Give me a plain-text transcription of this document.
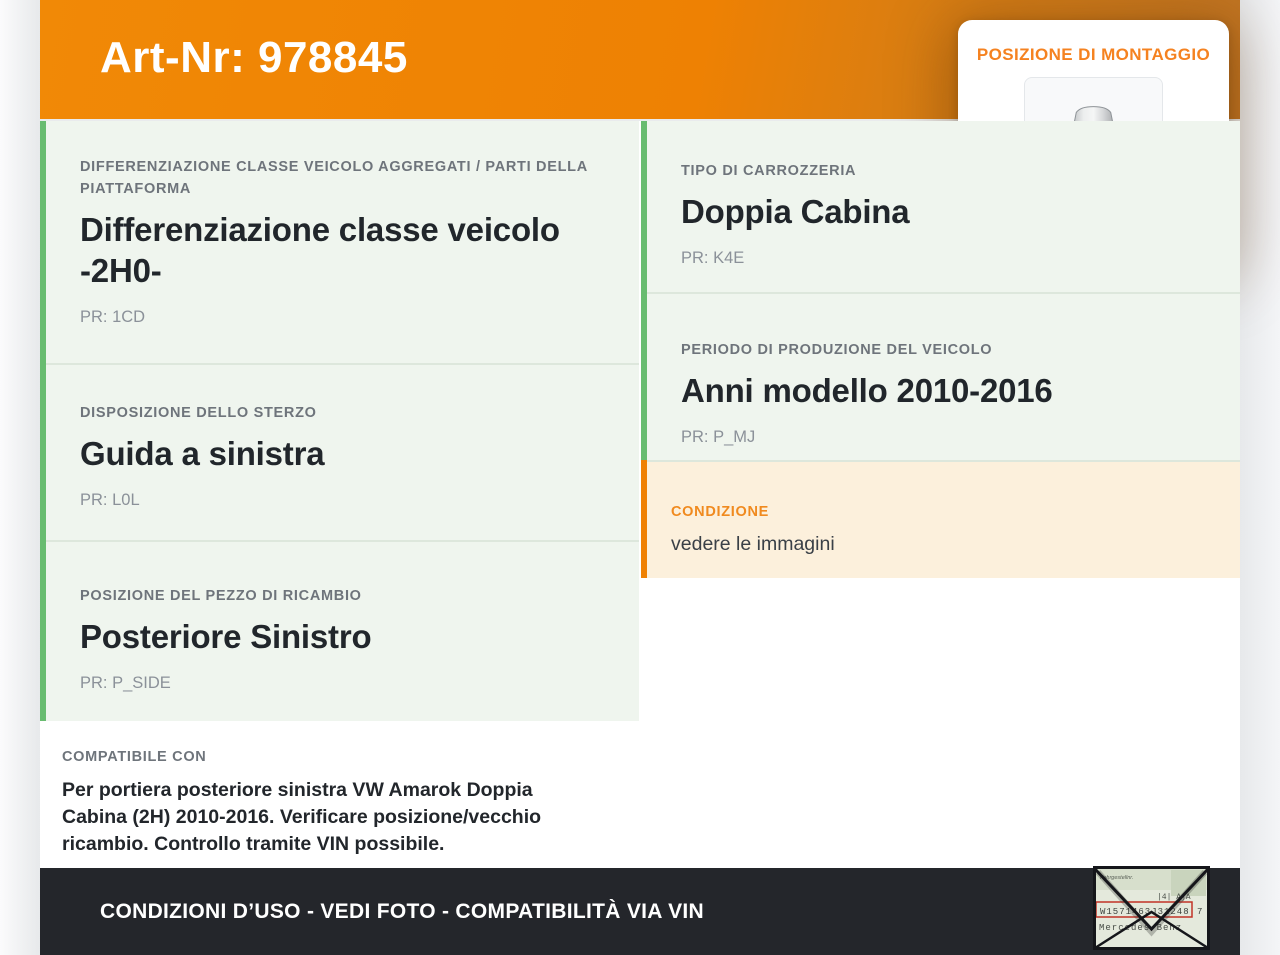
Art-Nr: 978845	POSIZIONE DI MONTAGGIO
DIFFERENZIAZIONE CLASSE VEICOLO AGGREGATI / PARTI DELLA PIATTAFORMA
Differenziazione classe veicolo -2H0-
PR: 1CD
DISPOSIZIONE DELLO STERZO
Guida a sinistra
PR: L0L
POSIZIONE DEL PEZZO DI RICAMBIO
Posteriore Sinistro
PR: P_SIDE
COMPATIBILE CON
Per portiera posteriore sinistra VW Amarok Doppia Cabina (2H) 2010-2016. Verificare posizione/vecchio ricambio. Controllo tramite VIN possibile.
TIPO DI CARROZZERIA
Doppia Cabina
PR: K4E
PERIODO DI PRODUZIONE DEL VEICOLO
Anni modello 2010-2016
PR: P_MJ
CONDIZIONE
vedere le immagini
CONDIZIONI D’USO - VEDI FOTO - COMPATIBILITÀ VIA VIN
Fahrgestellnr.
|4| AjA
W1571463J31248 7
Mercedes-Benz
